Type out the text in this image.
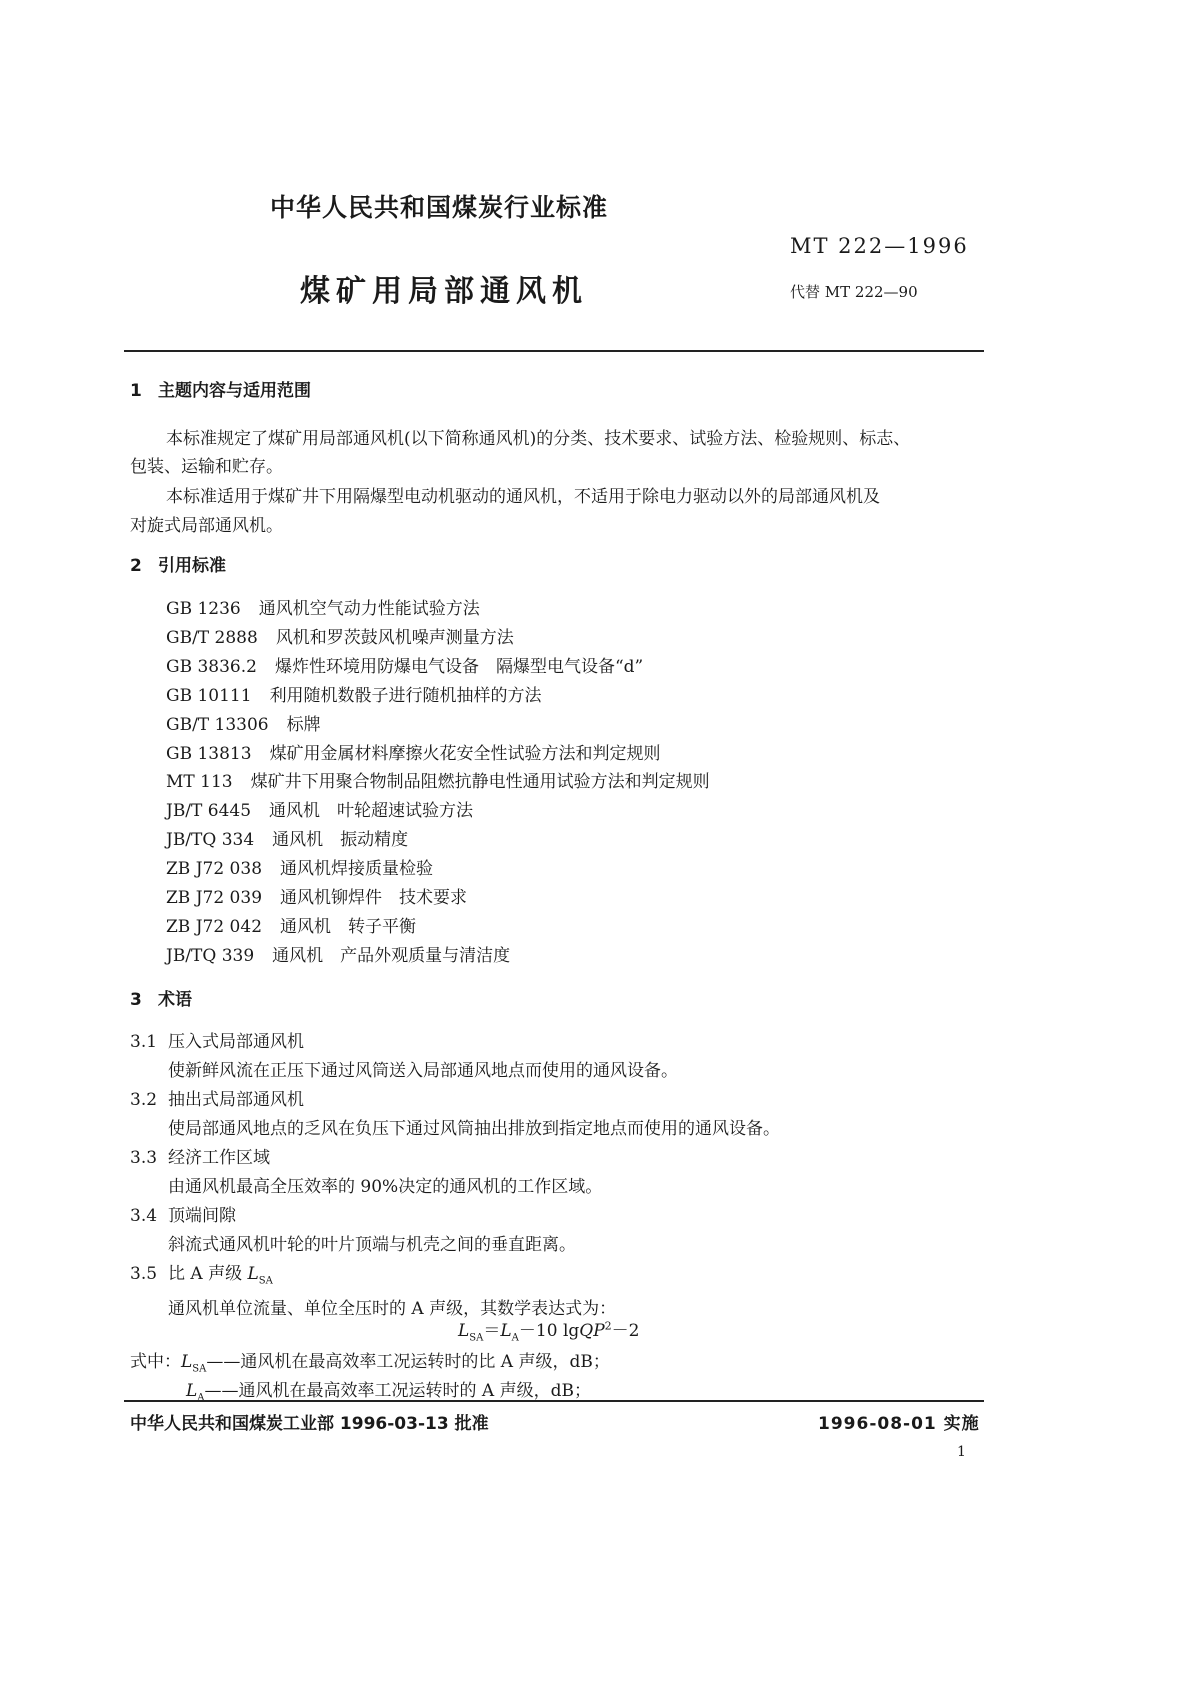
中华人民共和国煤炭行业标准
MT 222—1996
煤矿用局部通风机	代替 MT 222—90
1 主题内容与适用范围
本标准规定了煤矿用局部通风机(以下简称通风机)的分类、技术要求、试验方法、检验规则、标志、
包装、运输和贮存。
本标准适用于煤矿井下用隔爆型电动机驱动的通风机，不适用于除电力驱动以外的局部通风机及
对旋式局部通风机。
2 引用标准
GB 1236 通风机空气动力性能试验方法
GB/T 2888 风机和罗茨鼓风机噪声测量方法
GB 3836.2 爆炸性环境用防爆电气设备　隔爆型电气设备“d”
GB 10111 利用随机数骰子进行随机抽样的方法
GB/T 13306 标牌
GB 13813 煤矿用金属材料摩擦火花安全性试验方法和判定规则
MT 113 煤矿井下用聚合物制品阻燃抗静电性通用试验方法和判定规则
JB/T 6445 通风机　叶轮超速试验方法
JB/TQ 334 通风机　振动精度
ZB J72 038 通风机焊接质量检验
ZB J72 039 通风机铆焊件　技术要求
ZB J72 042 通风机　转子平衡
JB/TQ 339 通风机　产品外观质量与清洁度
3 术语
3.1 压入式局部通风机
使新鲜风流在正压下通过风筒送入局部通风地点而使用的通风设备。
3.2 抽出式局部通风机
使局部通风地点的乏风在负压下通过风筒抽出排放到指定地点而使用的通风设备。
3.3 经济工作区域
由通风机最高全压效率的 90%决定的通风机的工作区域。
3.4 顶端间隙
斜流式通风机叶轮的叶片顶端与机壳之间的垂直距离。
3.5 比 A 声级 $L_{SA}$
通风机单位流量、单位全压时的 A 声级，其数学表达式为：
$L_{SA}=L_A-10$ lgQP$^2$－2
式中：$L_{SA}——$通风机在最高效率工况运转时的比 A 声级，dB；
$L_A——$通风机在最高效率工况运转时的 A 声级，dB；
中华人民共和国煤炭工业部 1996-03-13 批准	1996-08-01 实施
1
